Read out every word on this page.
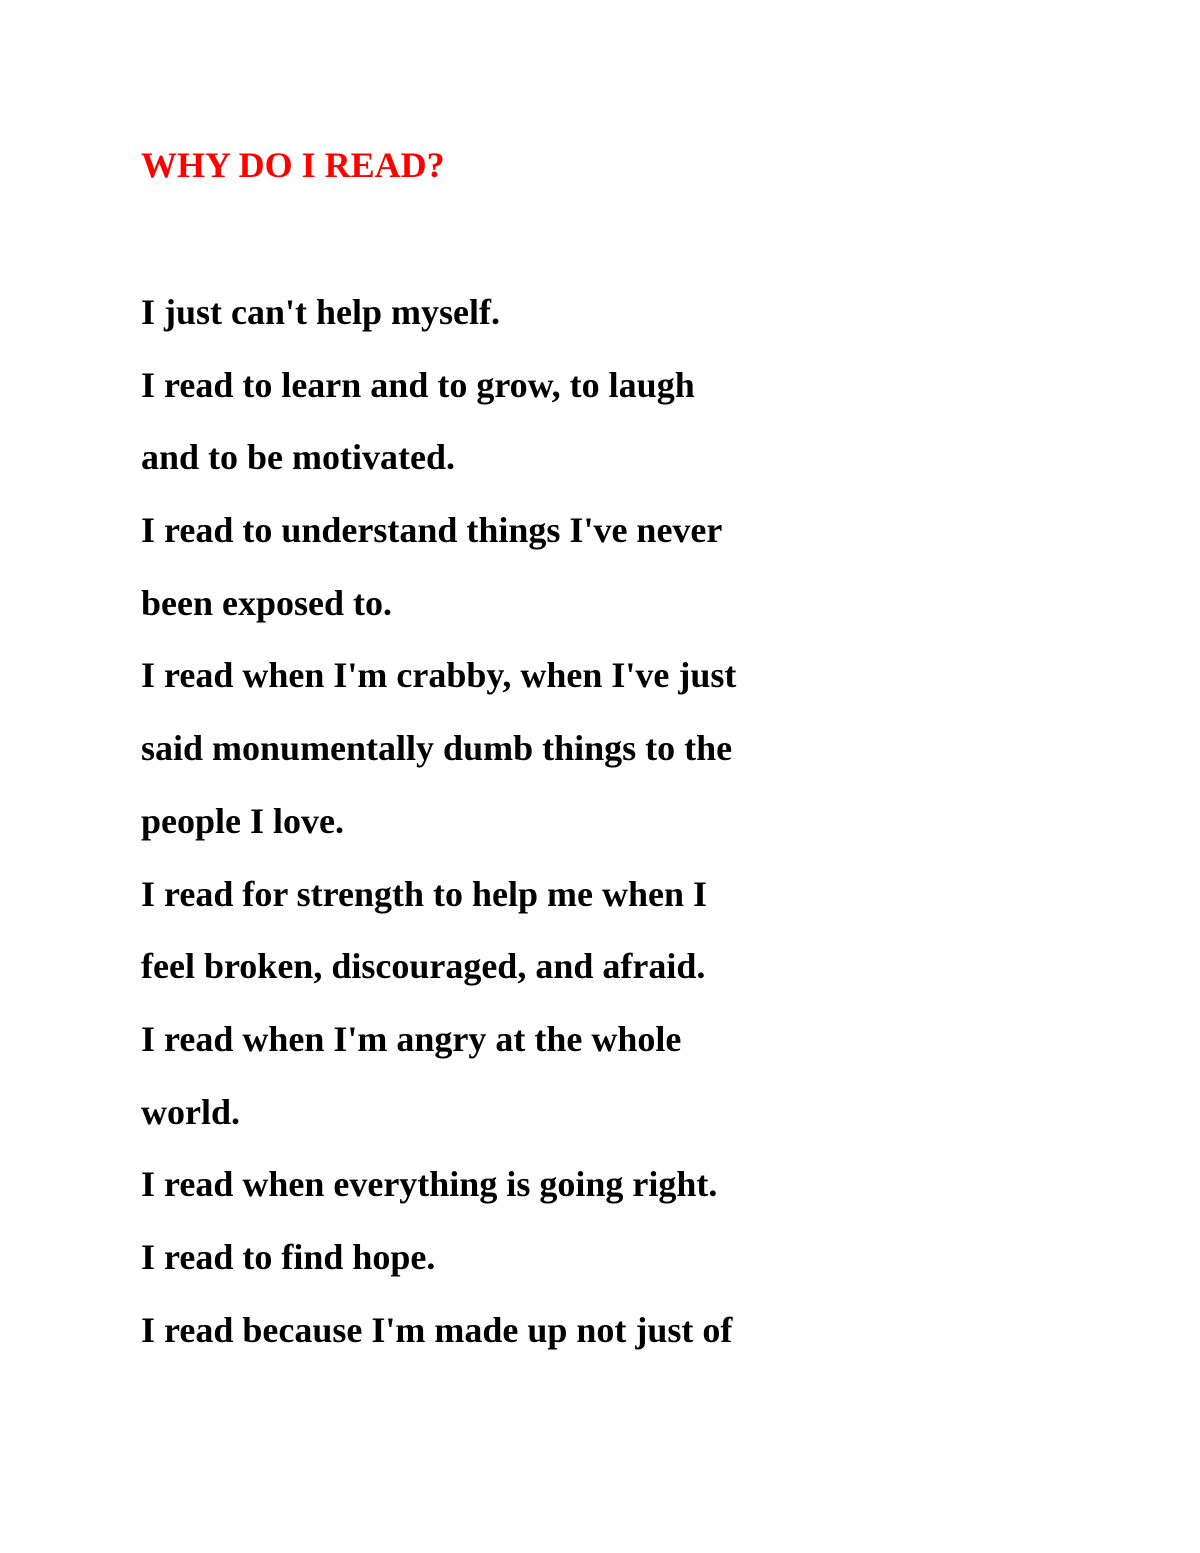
WHY DO I READ?
I just can't help myself.
I read to learn and to grow, to laugh
and to be motivated.
I read to understand things I've never
been exposed to.
I read when I'm crabby, when I've just
said monumentally dumb things to the
people I love.
I read for strength to help me when I
feel broken, discouraged, and afraid.
I read when I'm angry at the whole
world.
I read when everything is going right.
I read to find hope.
I read because I'm made up not just of
